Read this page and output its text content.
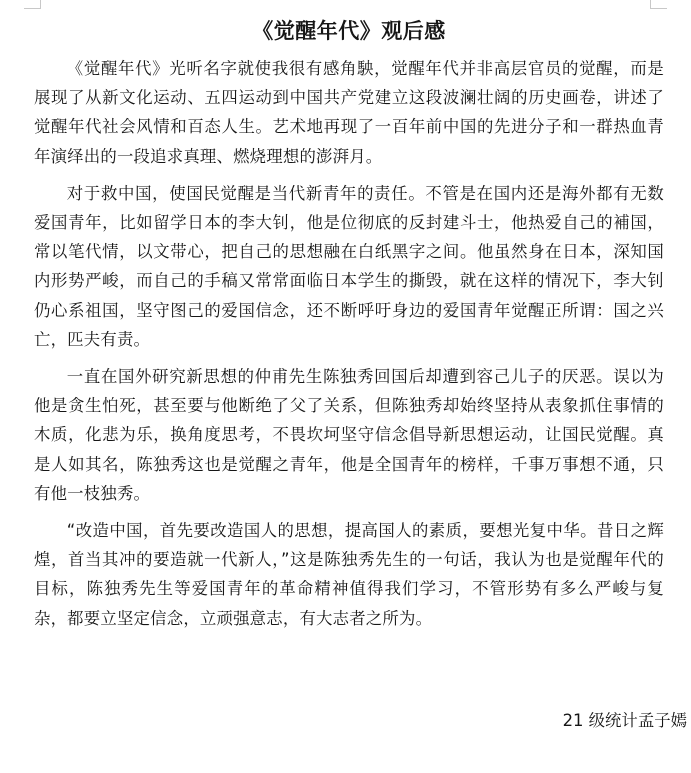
《觉醒年代》观后感

《觉醒年代》光听名字就使我很有感角駚，觉醒年代并非高层官员的觉醒，而是展现了从新文化运动、五四运动到中国共产党建立这段波澜壮阔的历史画卷，讲述了觉醒年代社会风情和百态人生。艺术地再现了一百年前中国的先进分子和一群热血青年演绎出的一段追求真理、燃烧理想的澎湃月。

对于救中国，使国民觉醒是当代新青年的责任。不管是在国内还是海外都有无数爱国青年，比如留学日本的李大钊，他是位彻底的反封建斗士，他热爱自己的補国，常以笔代情，以文带心，把自己的思想融在白纸黑字之间。他虽然身在日本，深知国内形势严峻，而自己的手稿又常常面临日本学生的撕毁，就在这样的情况下，李大钊仍心系祖国，坚守图己的爱国信念，还不断呼吁身边的爱国青年觉醒正所谓：国之兴亡，匹夫有责。

一直在国外研究新思想的仲甫先生陈独秀回国后却遭到容己儿子的厌恶。误以为他是贪生怕死，甚至要与他断绝了父了关系，但陈独秀却始终坚持从表象抓住事情的木质，化悲为乐，换角度思考，不畏坎坷坚守信念倡导新思想运动，让国民觉醒。真是人如其名，陈独秀这也是觉醒之青年，他是全国青年的榜样，千事万事想不通，只有他一枝独秀。

“改造中国，首先要改造国人的思想，提高国人的素质，要想光复中华。昔日之辉煌，首当其冲的要造就一代新人，”这是陈独秀先生的一句话，我认为也是觉醒年代的目标，陈独秀先生等爱国青年的革命精神值得我们学习，不管形势有多么严峻与复杂，都要立坚定信念，立顽强意志，有大志者之所为。

21 级统计孟子嫣
